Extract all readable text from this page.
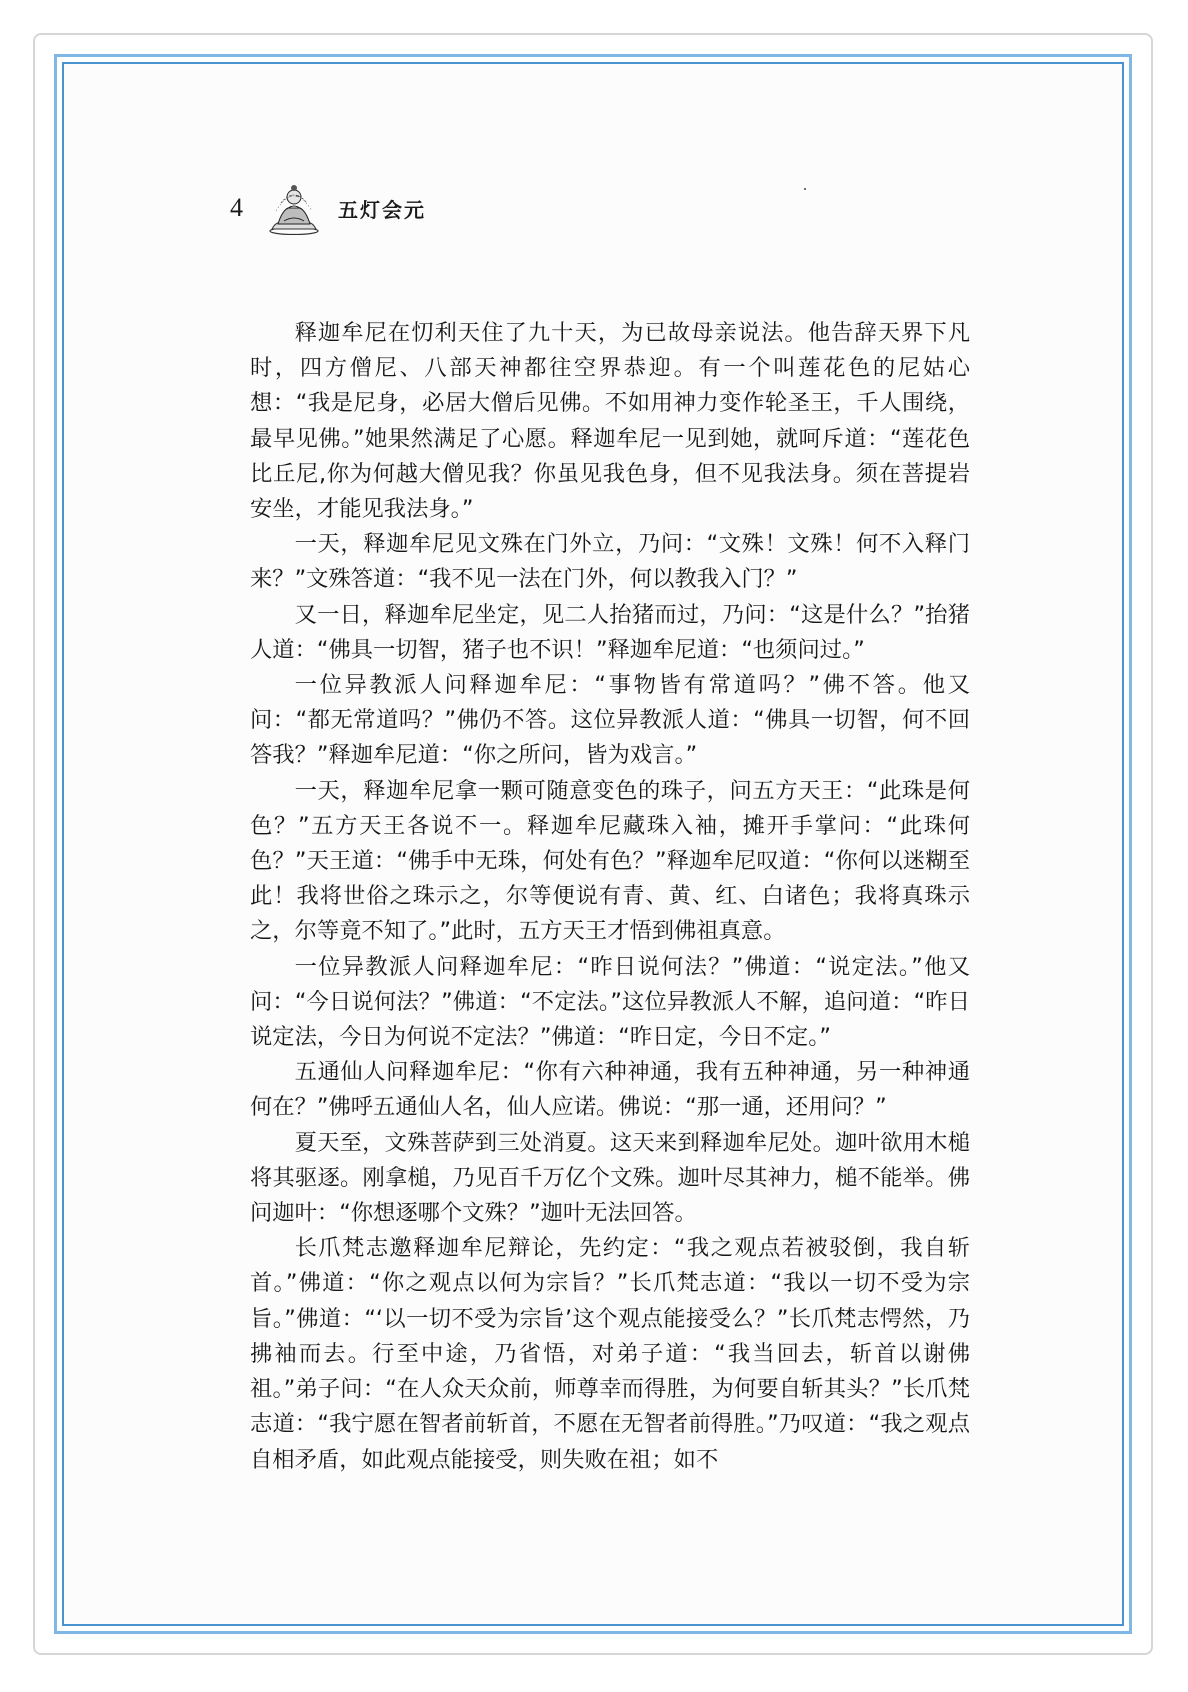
4	五灯会元

释迦牟尼在忉利天住了九十天，为已故母亲说法。他告辞天界下凡时，四方僧尼、八部天神都往空界恭迎。有一个叫莲花色的尼姑心想：“我是尼身，必居大僧后见佛。不如用神力变作轮圣王，千人围绕，最早见佛。”她果然满足了心愿。释迦牟尼一见到她，就呵斥道：“莲花色比丘尼,你为何越大僧见我？你虽见我色身，但不见我法身。须在菩提岩安坐，才能见我法身。”

一天，释迦牟尼见文殊在门外立，乃问：“文殊！文殊！何不入释门来？”文殊答道：“我不见一法在门外，何以教我入门？”

又一日，释迦牟尼坐定，见二人抬猪而过，乃问：“这是什么？”抬猪人道：“佛具一切智，猪子也不识！”释迦牟尼道：“也须问过。”

一位异教派人问释迦牟尼：“事物皆有常道吗？”佛不答。他又问：“都无常道吗？”佛仍不答。这位异教派人道：“佛具一切智，何不回答我？”释迦牟尼道：“你之所问，皆为戏言。”

一天，释迦牟尼拿一颗可随意变色的珠子，问五方天王：“此珠是何色？”五方天王各说不一。释迦牟尼藏珠入袖，摊开手掌问：“此珠何色？”天王道：“佛手中无珠，何处有色？”释迦牟尼叹道：“你何以迷糊至此！我将世俗之珠示之，尔等便说有青、黄、红、白诸色；我将真珠示之，尔等竟不知了。”此时，五方天王才悟到佛祖真意。

一位异教派人问释迦牟尼：“昨日说何法？”佛道：“说定法。”他又问：“今日说何法？”佛道：“不定法。”这位异教派人不解，追问道：“昨日说定法，今日为何说不定法？”佛道：“昨日定，今日不定。”

五通仙人问释迦牟尼：“你有六种神通，我有五种神通，另一种神通何在？”佛呼五通仙人名，仙人应诺。佛说：“那一通，还用问？”

夏天至，文殊菩萨到三处消夏。这天来到释迦牟尼处。迦叶欲用木槌将其驱逐。刚拿槌，乃见百千万亿个文殊。迦叶尽其神力，槌不能举。佛问迦叶：“你想逐哪个文殊？”迦叶无法回答。

长爪梵志邀释迦牟尼辩论，先约定：“我之观点若被驳倒，我自斩首。”佛道：“你之观点以何为宗旨？”长爪梵志道：“我以一切不受为宗旨。”佛道：“‘以一切不受为宗旨’这个观点能接受么？”长爪梵志愕然，乃拂袖而去。行至中途，乃省悟，对弟子道：“我当回去，斩首以谢佛祖。”弟子问：“在人众天众前，师尊幸而得胜，为何要自斩其头？”长爪梵志道：“我宁愿在智者前斩首，不愿在无智者前得胜。”乃叹道：“我之观点自相矛盾，如此观点能接受，则失败在祖；如不
